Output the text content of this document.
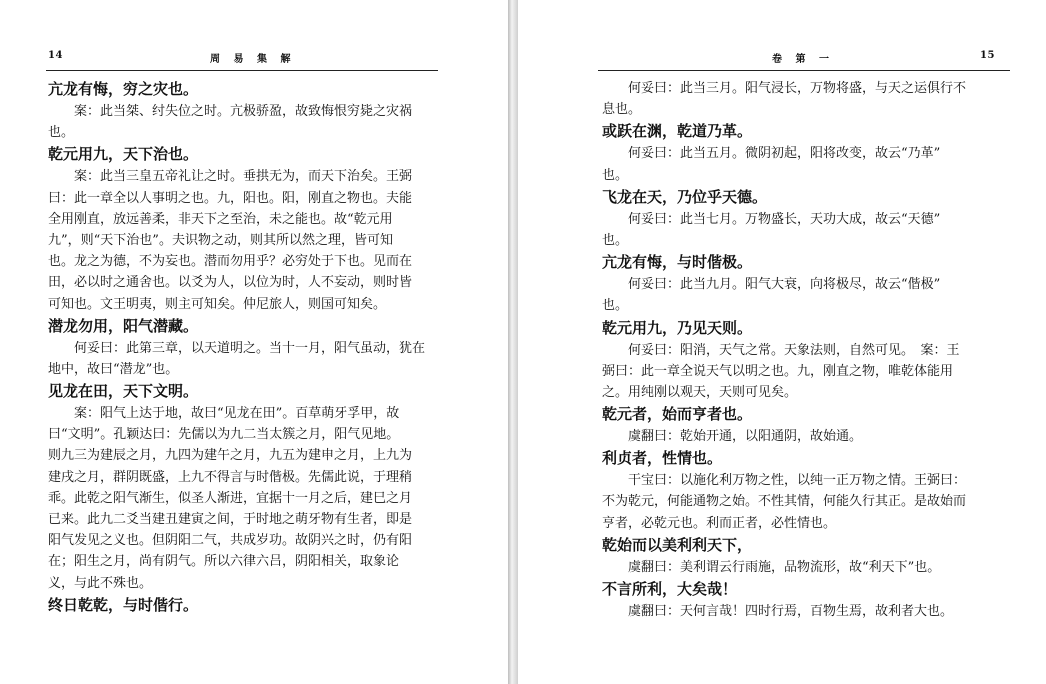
14	周 易 集 解
亢龙有悔，穷之灾也。
案：此当桀、纣失位之时。亢极骄盈，故致悔恨穷毙之灾祸
也。
乾元用九，天下治也。
案：此当三皇五帝礼让之时。垂拱无为，而天下治矣。王弼
曰：此一章全以人事明之也。九，阳也。阳，刚直之物也。夫能
全用刚直，放远善柔，非天下之至治，未之能也。故“乾元用
九”，则“天下治也”。夫识物之动，则其所以然之理，皆可知
也。龙之为德，不为妄也。潜而勿用乎？必穷处于下也。见而在
田，必以时之通舍也。以爻为人，以位为时，人不妄动，则时皆
可知也。文王明夷，则主可知矣。仲尼旅人，则国可知矣。
潜龙勿用，阳气潜藏。
何妥曰：此第三章，以天道明之。当十一月，阳气虽动，犹在
地中，故曰“潜龙”也。
见龙在田，天下文明。
案：阳气上达于地，故曰“见龙在田”。百草萌牙孚甲，故
曰“文明”。孔颖达曰：先儒以为九二当太簇之月，阳气见地。
则九三为建辰之月，九四为建午之月，九五为建申之月，上九为
建戌之月，群阴既盛，上九不得言与时偕极。先儒此说，于理稍
乖。此乾之阳气渐生，似圣人渐进，宜据十一月之后，建巳之月
已来。此九二爻当建丑建寅之间，于时地之萌牙物有生者，即是
阳气发见之义也。但阴阳二气，共成岁功。故阴兴之时，仍有阳
在；阳生之月，尚有阴气。所以六律六吕，阴阳相关，取象论
义，与此不殊也。
终日乾乾，与时偕行。
卷 第 一	15
何妥曰：此当三月。阳气浸长，万物将盛，与天之运俱行不
息也。
或跃在渊，乾道乃革。
何妥曰：此当五月。微阴初起，阳将改变，故云“乃革”
也。
飞龙在天，乃位乎天德。
何妥曰：此当七月。万物盛长，天功大成，故云“天德”
也。
亢龙有悔，与时偕极。
何妥曰：此当九月。阳气大衰，向将极尽，故云“偕极”
也。
乾元用九，乃见天则。
何妥曰：阳消，天气之常。天象法则，自然可见。　案：王
弼曰：此一章全说天气以明之也。九，刚直之物，唯乾体能用
之。用纯刚以观天，天则可见矣。
乾元者，始而亨者也。
虞翻曰：乾始开通，以阳通阴，故始通。
利贞者，性情也。
干宝曰：以施化利万物之性，以纯一正万物之情。王弼曰：
不为乾元，何能通物之始。不性其情，何能久行其正。是故始而
亨者，必乾元也。利而正者，必性情也。
乾始而以美利利天下，
虞翻曰：美利谓云行雨施，品物流形，故“利天下”也。
不言所利，大矣哉！
虞翻曰：天何言哉！四时行焉，百物生焉，故利者大也。
